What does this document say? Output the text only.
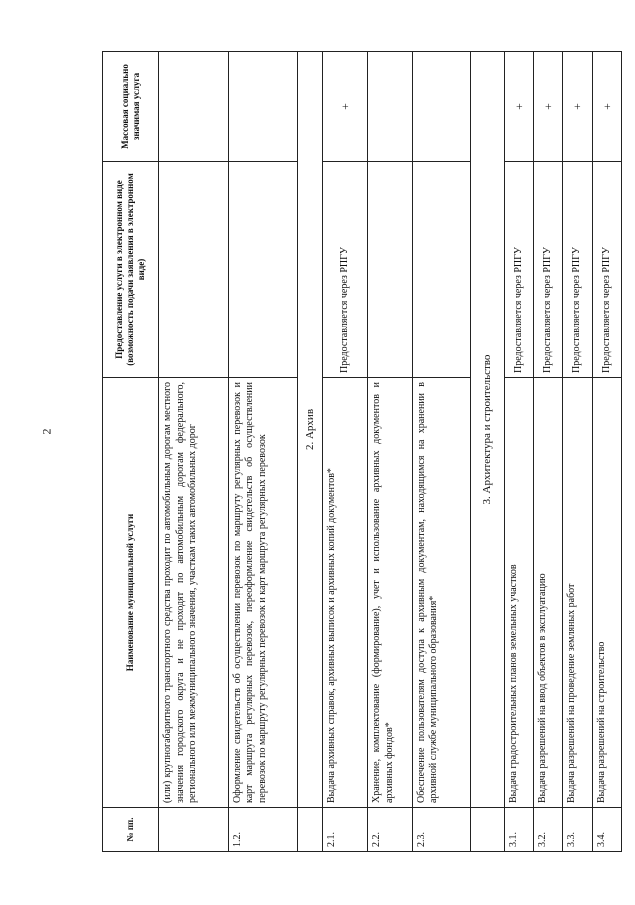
2
№ пп.	Наименование муниципальной услуги	Предоставление услуги в электронном виде (возможность подачи заявления в электронном виде)	Массовая социально значимая услуга
	(или) крупногабаритного транспортного средства проходит по автомобильным дорогам местного значения городского округа и не проходят по автомобильным дорогам федерального, регионального или межмуниципального значения, участкам таких автомобильных дорог		
1.2.	Оформление свидетельств об осуществлении перевозок по маршруту регулярных перевозок и карт маршрута регулярных перевозок, переоформление свидетельств об осуществлении перевозок по маршруту регулярных перевозок и карт маршрута регулярных перевозок		
	2. Архив		
2.1.	Выдача архивных справок, архивных выписок и архивных копий документов*	Предоставляется через РПГУ	+
2.2.	Хранение, комплектование (формирование), учет и использование архивных документов и архивных фондов*		
2.3.	Обеспечение пользователям доступа к архивным документам, находящимся на хранении в архивной службе муниципального образования*		
	3. Архитектура и строительство		
3.1.	Выдача градостроительных планов земельных участков	Предоставляется через РПГУ	+
3.2.	Выдача разрешений на ввод объектов в эксплуатацию	Предоставляется через РПГУ	+
3.3.	Выдача разрешений на проведение земляных работ	Предоставляется через РПГУ	+
3.4.	Выдача разрешений на строительство	Предоставляется через РПГУ	+
